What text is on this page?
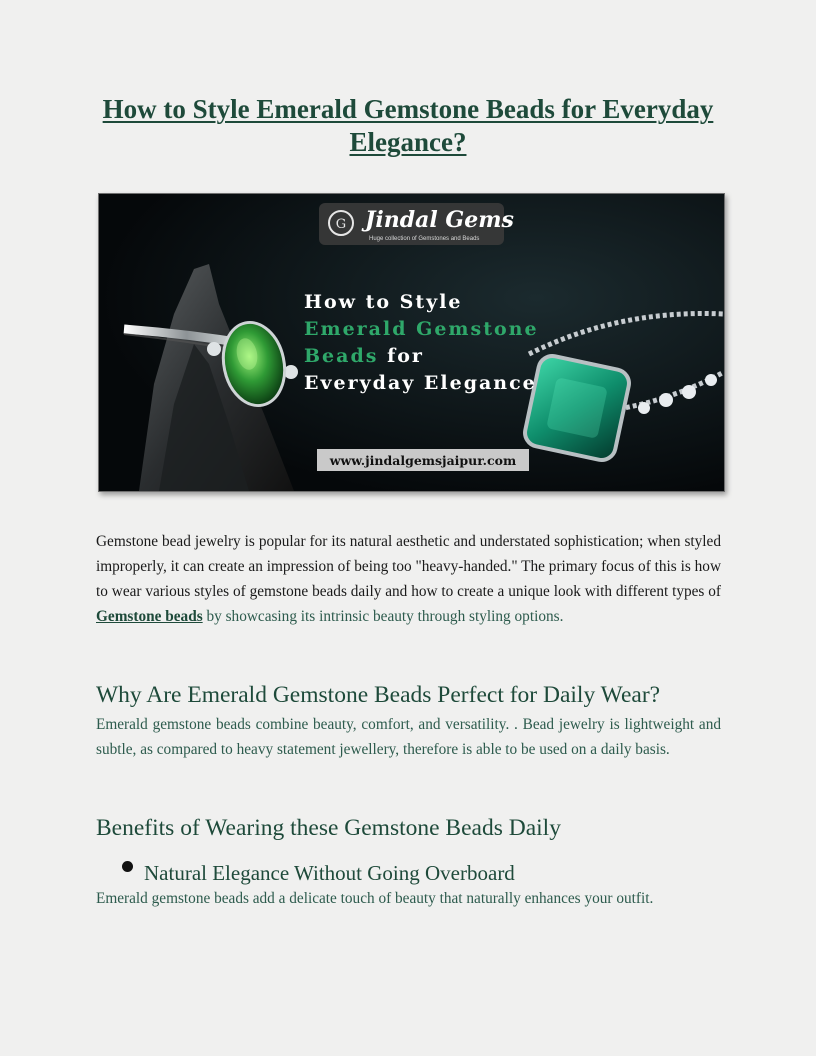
How to Style Emerald Gemstone Beads for Everyday Elegance?
G Jindal Gems
Huge collection of Gemstones and Beads
How to Style
Emerald Gemstone
Beads for
Everyday Elegance
www.jindalgemsjaipur.com

Gemstone bead jewelry is popular for its natural aesthetic and understated sophistication; when styled improperly, it can create an impression of being too "heavy-handed." The primary focus of this is how to wear various styles of gemstone beads daily and how to create a unique look with different types of Gemstone beads by showcasing its intrinsic beauty through styling options.

Why Are Emerald Gemstone Beads Perfect for Daily Wear?

Emerald gemstone beads combine beauty, comfort, and versatility. . Bead jewelry is lightweight and subtle, as compared to heavy statement jewellery, therefore is able to be used on a daily basis.

Benefits of Wearing these Gemstone Beads Daily
Natural Elegance Without Going Overboard

Emerald gemstone beads add a delicate touch of beauty that naturally enhances your outfit.
